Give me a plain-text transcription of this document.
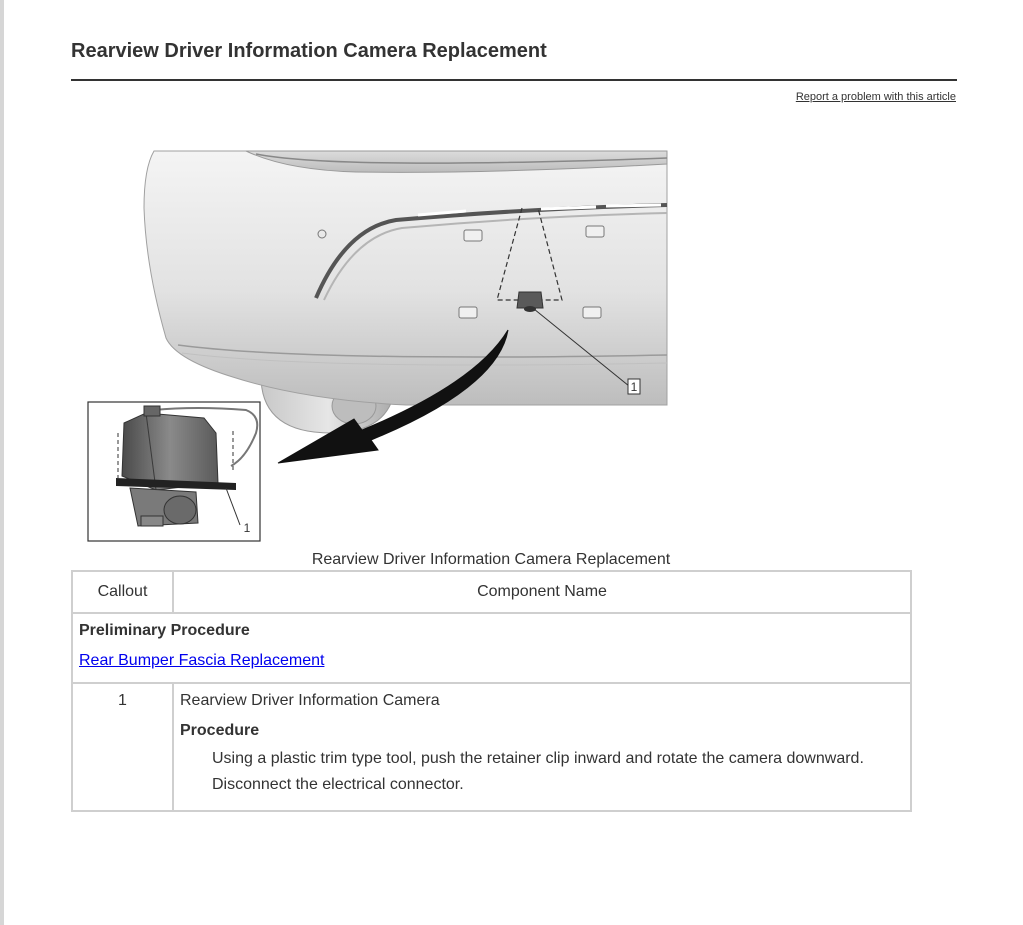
Rearview Driver Information Camera Replacement
Report a problem with this article
1
1
Rearview Driver Information Camera Replacement
Callout	Component Name

Preliminary Procedure
Rear Bumper Fascia Replacement	
1	Rearview Driver Information Camera
Procedure
Using a plastic trim type tool, push the retainer clip inward and rotate the camera downward.
Disconnect the electrical connector.
